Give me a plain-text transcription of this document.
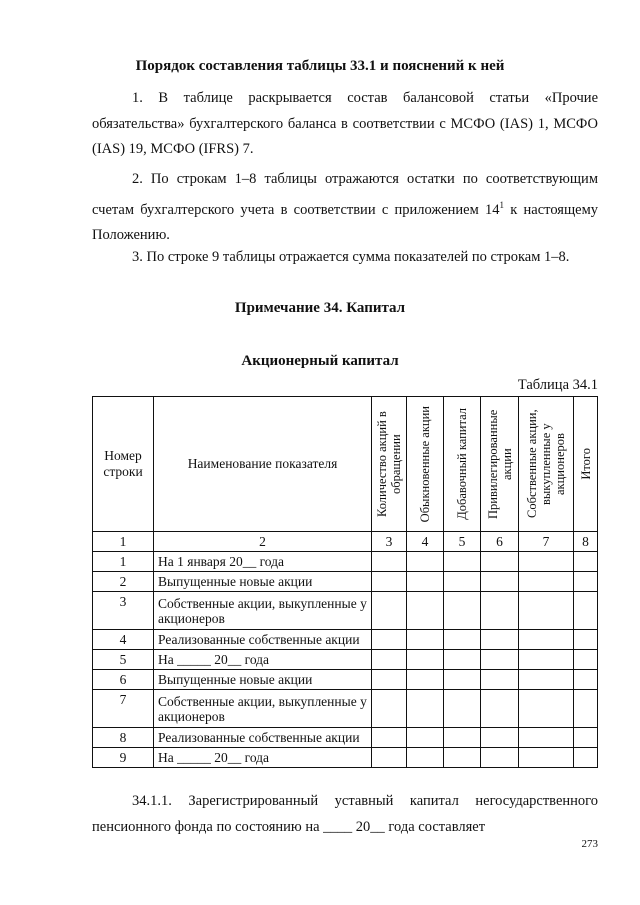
Порядок составления таблицы 33.1 и пояснений к ней
1. В таблице раскрывается состав балансовой статьи «Прочие обязательства» бухгалтерского баланса в соответствии с МСФО (IAS) 1, МСФО (IAS) 19, МСФО (IFRS) 7.
2. По строкам 1–8 таблицы отражаются остатки по соответствующим счетам бухгалтерского учета в соответствии с приложением $14^1$ к настоящему Положению.
3. По строке 9 таблицы отражается сумма показателей по строкам 1–8.
Примечание 34. Капитал
Акционерный капитал
Таблица 34.1
Номер строки	Наименование показателя	Количество акций в обращении	Обыкновенные акции	Добавочный капитал	Привилегированные акции	Собственные акции, выкупленные у акционеров	Итого

1	2	3	4	5	6	7	8
1	На 1 января 20__ года						
2	Выпущенные новые акции						
3	Собственные акции, выкупленные у акционеров						
4	Реализованные собственные акции						
5	На _____ 20__ года						
6	Выпущенные новые акции						
7	Собственные акции, выкупленные у акционеров						
8	Реализованные собственные акции						
9	На _____ 20__ года						
34.1.1. Зарегистрированный уставный капитал негосударственного пенсионного фонда по состоянию на ____ 20__ года составляет
273
